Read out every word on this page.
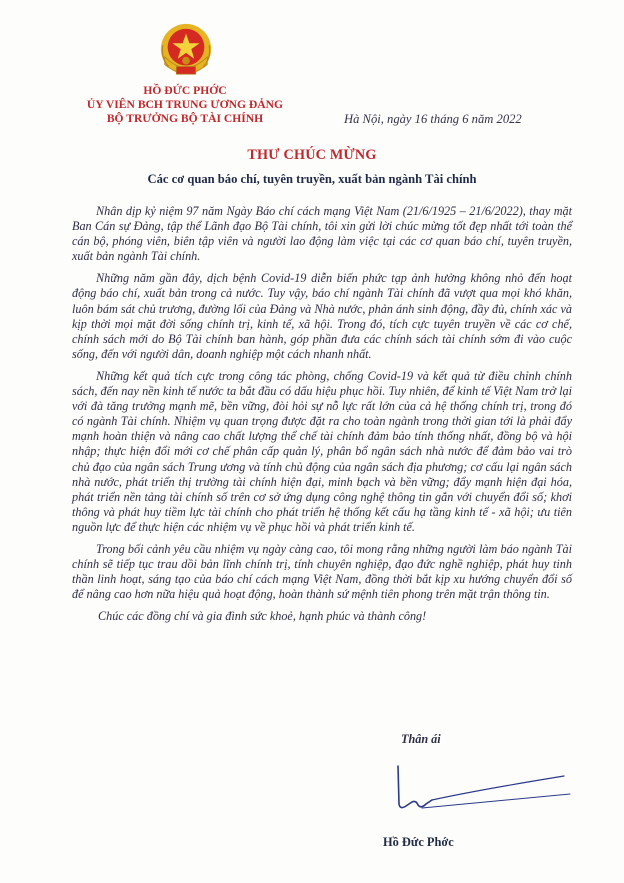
HỒ ĐỨC PHỚC
ỦY VIÊN BCH TRUNG ƯƠNG ĐẢNG
BỘ TRƯỞNG BỘ TÀI CHÍNH	Hà Nội, ngày 16 tháng 6 năm 2022
THƯ CHÚC MỪNG
Các cơ quan báo chí, tuyên truyền, xuất bản ngành Tài chính

Nhân dịp kỷ niệm 97 năm Ngày Báo chí cách mạng Việt Nam (21/6/1925 – 21/6/2022), thay mặt Ban Cán sự Đảng, tập thể Lãnh đạo Bộ Tài chính, tôi xin gửi lời chúc mừng tốt đẹp nhất tới toàn thể cán bộ, phóng viên, biên tập viên và người lao động làm việc tại các cơ quan báo chí, tuyên truyền, xuất bản ngành Tài chính.

Những năm gần đây, dịch bệnh Covid-19 diễn biến phức tạp ảnh hưởng không nhỏ đến hoạt động báo chí, xuất bản trong cả nước. Tuy vậy, báo chí ngành Tài chính đã vượt qua mọi khó khăn, luôn bám sát chủ trương, đường lối của Đảng và Nhà nước, phản ánh sinh động, đầy đủ, chính xác và kịp thời mọi mặt đời sống chính trị, kinh tế, xã hội. Trong đó, tích cực tuyên truyền về các cơ chế, chính sách mới do Bộ Tài chính ban hành, góp phần đưa các chính sách tài chính sớm đi vào cuộc sống, đến với người dân, doanh nghiệp một cách nhanh nhất.

Những kết quả tích cực trong công tác phòng, chống Covid-19 và kết quả từ điều chỉnh chính sách, đến nay nền kinh tế nước ta bắt đầu có dấu hiệu phục hồi. Tuy nhiên, để kinh tế Việt Nam trở lại với đà tăng trưởng mạnh mẽ, bền vững, đòi hỏi sự nỗ lực rất lớn của cả hệ thống chính trị, trong đó có ngành Tài chính. Nhiệm vụ quan trọng được đặt ra cho toàn ngành trong thời gian tới là phải đẩy mạnh hoàn thiện và nâng cao chất lượng thể chế tài chính đảm bảo tính thống nhất, đồng bộ và hội nhập; thực hiện đổi mới cơ chế phân cấp quản lý, phân bổ ngân sách nhà nước để đảm bảo vai trò chủ đạo của ngân sách Trung ương và tính chủ động của ngân sách địa phương; cơ cấu lại ngân sách nhà nước, phát triển thị trường tài chính hiện đại, minh bạch và bền vững; đẩy mạnh hiện đại hóa, phát triển nền tảng tài chính số trên cơ sở ứng dụng công nghệ thông tin gắn với chuyển đổi số; khơi thông và phát huy tiềm lực tài chính cho phát triển hệ thống kết cấu hạ tầng kinh tế - xã hội; ưu tiên nguồn lực để thực hiện các nhiệm vụ về phục hồi và phát triển kinh tế.

Trong bối cảnh yêu cầu nhiệm vụ ngày càng cao, tôi mong rằng những người làm báo ngành Tài chính sẽ tiếp tục trau dồi bản lĩnh chính trị, tính chuyên nghiệp, đạo đức nghề nghiệp, phát huy tinh thần linh hoạt, sáng tạo của báo chí cách mạng Việt Nam, đồng thời bắt kịp xu hướng chuyển đổi số để nâng cao hơn nữa hiệu quả hoạt động, hoàn thành sứ mệnh tiên phong trên mặt trận thông tin.

Chúc các đồng chí và gia đình sức khoẻ, hạnh phúc và thành công!

Thân ái
Hồ Đức Phớc
